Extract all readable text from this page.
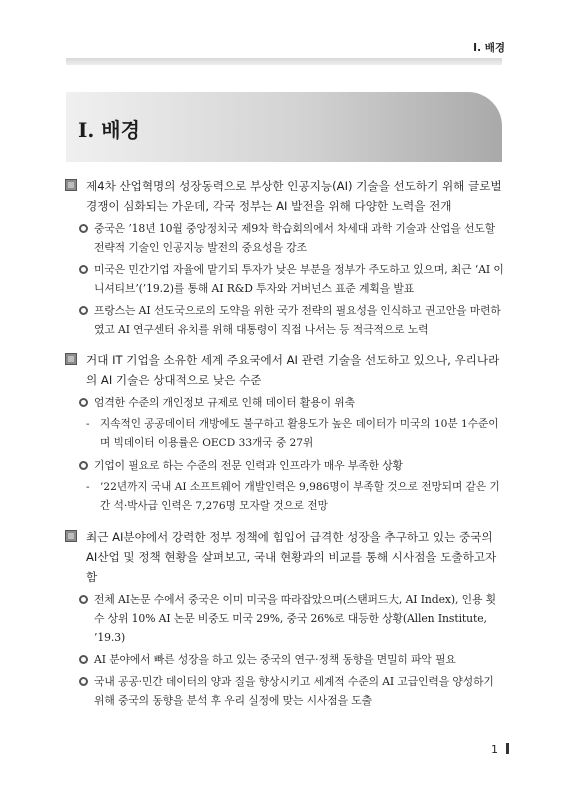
Ⅰ. 배경
Ⅰ. 배경
제4차 산업혁명의 성장동력으로 부상한 인공지능(AI) 기술을 선도하기 위해 글로벌 경쟁이 심화되는 가운데, 각국 정부는 AI 발전을 위해 다양한 노력을 전개
중국은 ’18년 10월 중앙정치국 제9차 학습회의에서 차세대 과학 기술과 산업을 선도할 전략적 기술인 인공지능 발전의 중요성을 강조
미국은 민간기업 자율에 맡기되 투자가 낮은 부분을 정부가 주도하고 있으며, 최근 ‘AI 이니셔티브’(’19.2)를 통해 AI R&D 투자와 거버넌스 표준 계획을 발표
프랑스는 AI 선도국으로의 도약을 위한 국가 전략의 필요성을 인식하고 권고안을 마련하였고 AI 연구센터 유치를 위해 대통령이 직접 나서는 등 적극적으로 노력
거대 IT 기업을 소유한 세계 주요국에서 AI 관련 기술을 선도하고 있으나, 우리나라의 AI 기술은 상대적으로 낮은 수준
엄격한 수준의 개인정보 규제로 인해 데이터 활용이 위축
- 지속적인 공공데이터 개방에도 불구하고 활용도가 높은 데이터가 미국의 10분 1수준이며 빅데이터 이용률은 OECD 33개국 중 27위
기업이 필요로 하는 수준의 전문 인력과 인프라가 매우 부족한 상황
- ’22년까지 국내 AI 소프트웨어 개발인력은 9,986명이 부족할 것으로 전망되며 같은 기간 석·박사급 인력은 7,276명 모자랄 것으로 전망
최근 AI분야에서 강력한 정부 정책에 힘입어 급격한 성장을 추구하고 있는 중국의 AI산업 및 정책 현황을 살펴보고, 국내 현황과의 비교를 통해 시사점을 도출하고자 함
전체 AI논문 수에서 중국은 이미 미국을 따라잡았으며(스탠퍼드大, AI Index), 인용 횟수 상위 10% AI 논문 비중도 미국 29%, 중국 26%로 대등한 상황(Allen Institute, ’19.3)
AI 분야에서 빠른 성장을 하고 있는 중국의 연구·정책 동향을 면밀히 파악 필요
국내 공공·민간 데이터의 양과 질을 향상시키고 세계적 수준의 AI 고급인력을 양성하기 위해 중국의 동향을 분석 후 우리 실정에 맞는 시사점을 도출
1
